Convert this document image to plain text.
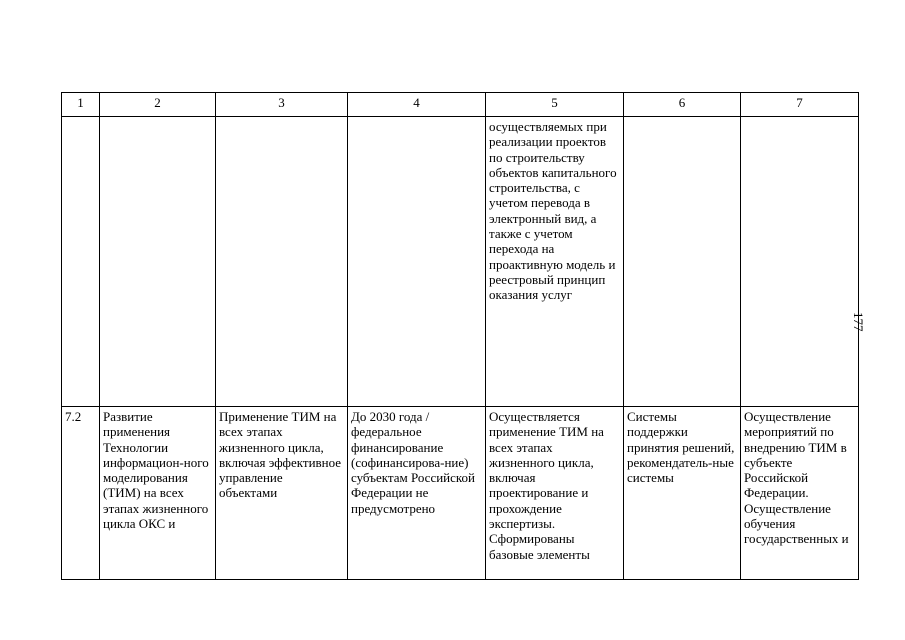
177
1	2	3	4	5	6	7
				осуществляемых при реализации проектов по строительству объектов капитального строительства, с учетом перевода в электронный вид, а также с учетом перехода на проактивную модель и реестровый принцип оказания услуг		
7.2	Развитие применения Технологии информацион-ного моделирования (ТИМ) на всех этапах жизненного цикла ОКС и	Применение ТИМ на всех этапах жизненного цикла, включая эффективное управление объектами	До 2030 года / федеральное финансирование (софинансирова-ние) субъектам Российской Федерации не предусмотрено	Осуществляется применение ТИМ на всех этапах жизненного цикла, включая проектирование и прохождение экспертизы. Сформированы базовые элементы	Системы поддержки принятия решений, рекомендатель-ные системы	Осуществление мероприятий по внедрению ТИМ в субъекте Российской Федерации. Осуществление обучения государственных и
